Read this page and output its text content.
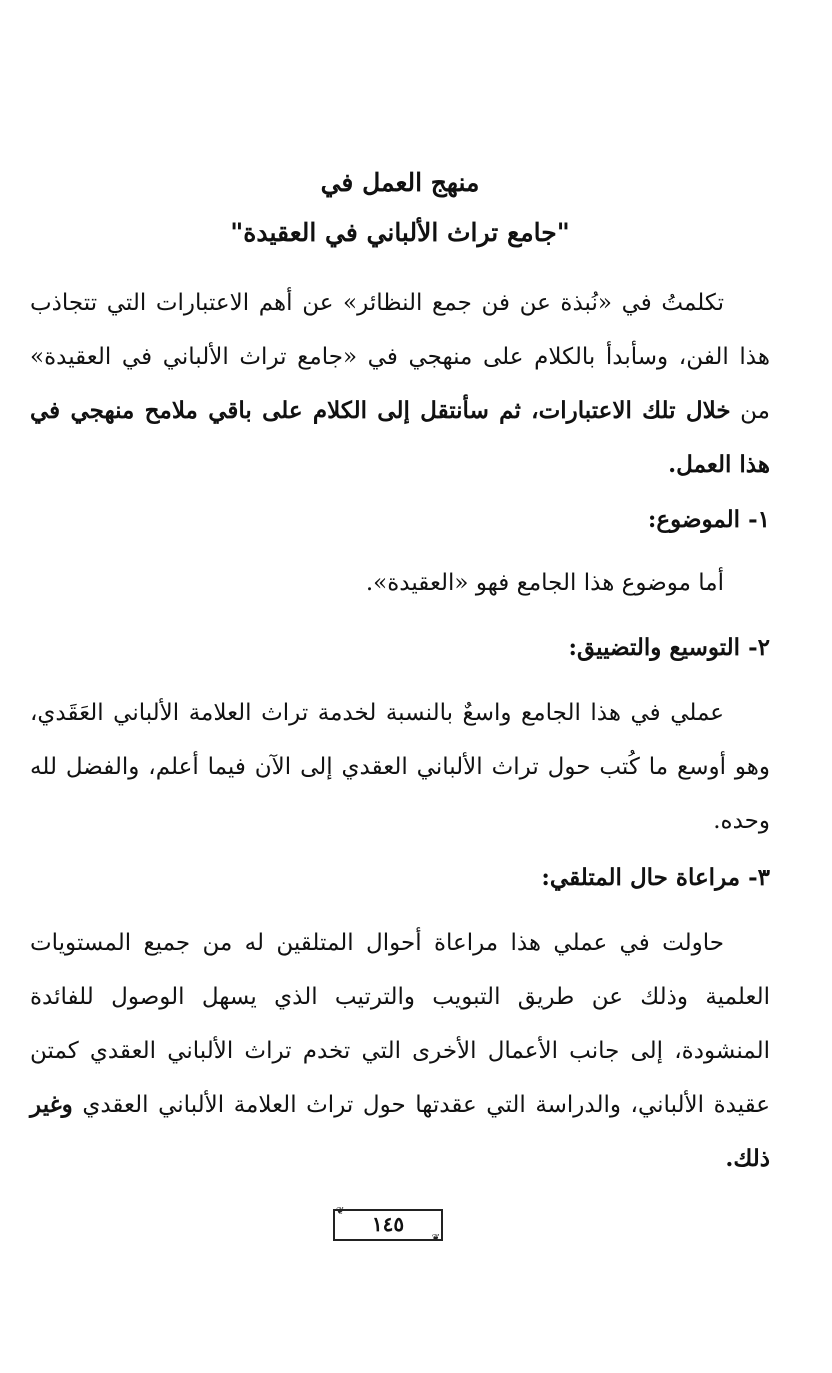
منهج العمل في
"جامع تراث الألباني في العقيدة"

تكلمتُ في «نُبذة عن فن جمع النظائر» عن أهم الاعتبارات التي تتجاذب هذا الفن، وسأبدأ بالكلام على منهجي في «جامع تراث الألباني في العقيدة» من خلال تلك الاعتبارات، ثم سأنتقل إلى الكلام على باقي ملامح منهجي في هذا العمل.

١- الموضوع:

أما موضوع هذا الجامع فهو «العقيدة».

٢- التوسيع والتضييق:

عملي في هذا الجامع واسعٌ بالنسبة لخدمة تراث العلامة الألباني العَقَدي، وهو أوسع ما كُتب حول تراث الألباني العقدي إلى الآن فيما أعلم، والفضل لله وحده.

٣- مراعاة حال المتلقي:

حاولت في عملي هذا مراعاة أحوال المتلقين له من جميع المستويات العلمية وذلك عن طريق التبويب والترتيب الذي يسهل الوصول للفائدة المنشودة، إلى جانب الأعمال الأخرى التي تخدم تراث الألباني العقدي كمتن عقيدة الألباني، والدراسة التي عقدتها حول تراث العلامة الألباني العقدي وغير ذلك.

❦
❦
١٤٥
